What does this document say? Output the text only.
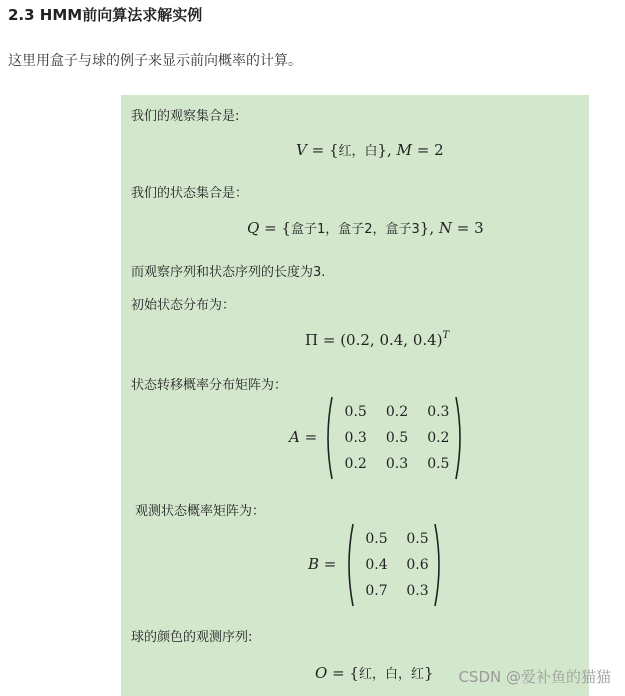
2.3 HMM前向算法求解实例
这里用盒子与球的例子来显示前向概率的计算。
我们的观察集合是:
V = {红，白}, M = 2
我们的状态集合是：
Q = {盒子1，盒子2，盒子3}, N = 3
而观察序列和状态序列的长度为3.
初始状态分布为：
Π = (0.2, 0.4, 0.4)$^T$
状态转移概率分布矩阵为：
A =
0.5	0.2	0.3
0.3	0.5	0.2
0.2	0.3	0.5
观测状态概率矩阵为：
B =
0.5	0.5
0.4	0.6
0.7	0.3
球的颜色的观测序列:
O = {红，白，红} CSDN @爱补鱼的猫猫
